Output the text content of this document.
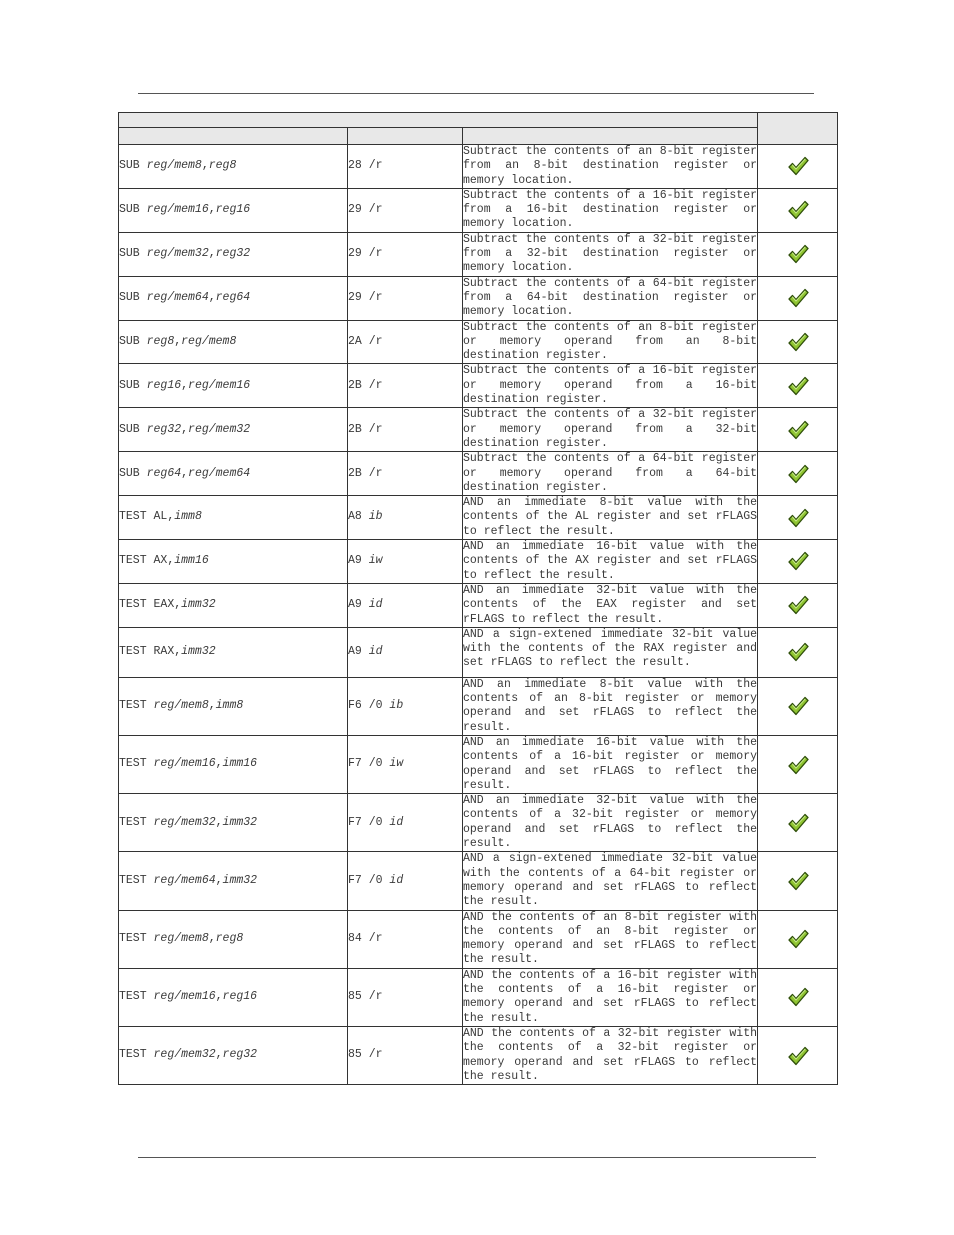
SUB reg/mem8,reg8	28 /r	Subtract the contents of an 8-bit register from an 8-bit destination register or memory location.	
SUB reg/mem16,reg16	29 /r	Subtract the contents of a 16-bit register from a 16-bit destination register or memory location.	
SUB reg/mem32,reg32	29 /r	Subtract the contents of a 32-bit register from a 32-bit destination register or memory location.	
SUB reg/mem64,reg64	29 /r	Subtract the contents of a 64-bit register from a 64-bit destination register or memory location.	
SUB reg8,reg/mem8	2A /r	Subtract the contents of an 8-bit register or memory operand from an 8-bit destination register.	
SUB reg16,reg/mem16	2B /r	Subtract the contents of a 16-bit register or memory operand from a 16-bit destination register.	
SUB reg32,reg/mem32	2B /r	Subtract the contents of a 32-bit register or memory operand from a 32-bit destination register.	
SUB reg64,reg/mem64	2B /r	Subtract the contents of a 64-bit register or memory operand from a 64-bit destination register.	
TEST AL,imm8	A8 ib	AND an immediate 8-bit value with the contents of the AL register and set rFLAGS to reflect the result.	
TEST AX,imm16	A9 iw	AND an immediate 16-bit value with the contents of the AX register and set rFLAGS to reflect the result.	
TEST EAX,imm32	A9 id	AND an immediate 32-bit value with the contents of the EAX register and set rFLAGS to reflect the result.	
TEST RAX,imm32	A9 id	AND a sign-extened immediate 32-bit value with the contents of the RAX register and set rFLAGS to reflect the result.	
TEST reg/mem8,imm8	F6 /0 ib	AND an immediate 8-bit value with the contents of an 8-bit register or memory operand and set rFLAGS to reflect the result.	
TEST reg/mem16,imm16	F7 /0 iw	AND an immediate 16-bit value with the contents of a 16-bit register or memory operand and set rFLAGS to reflect the result.	
TEST reg/mem32,imm32	F7 /0 id	AND an immediate 32-bit value with the contents of a 32-bit register or memory operand and set rFLAGS to reflect the result.	
TEST reg/mem64,imm32	F7 /0 id	AND a sign-extened immediate 32-bit value with the contents of a 64-bit register or memory operand and set rFLAGS to reflect the result.	
TEST reg/mem8,reg8	84 /r	AND the contents of an 8-bit register with the contents of an 8-bit register or memory operand and set rFLAGS to reflect the result.	
TEST reg/mem16,reg16	85 /r	AND the contents of a 16-bit register with the contents of a 16-bit register or memory operand and set rFLAGS to reflect the result.	
TEST reg/mem32,reg32	85 /r	AND the contents of a 32-bit register with the contents of a 32-bit register or memory operand and set rFLAGS to reflect the result.	
